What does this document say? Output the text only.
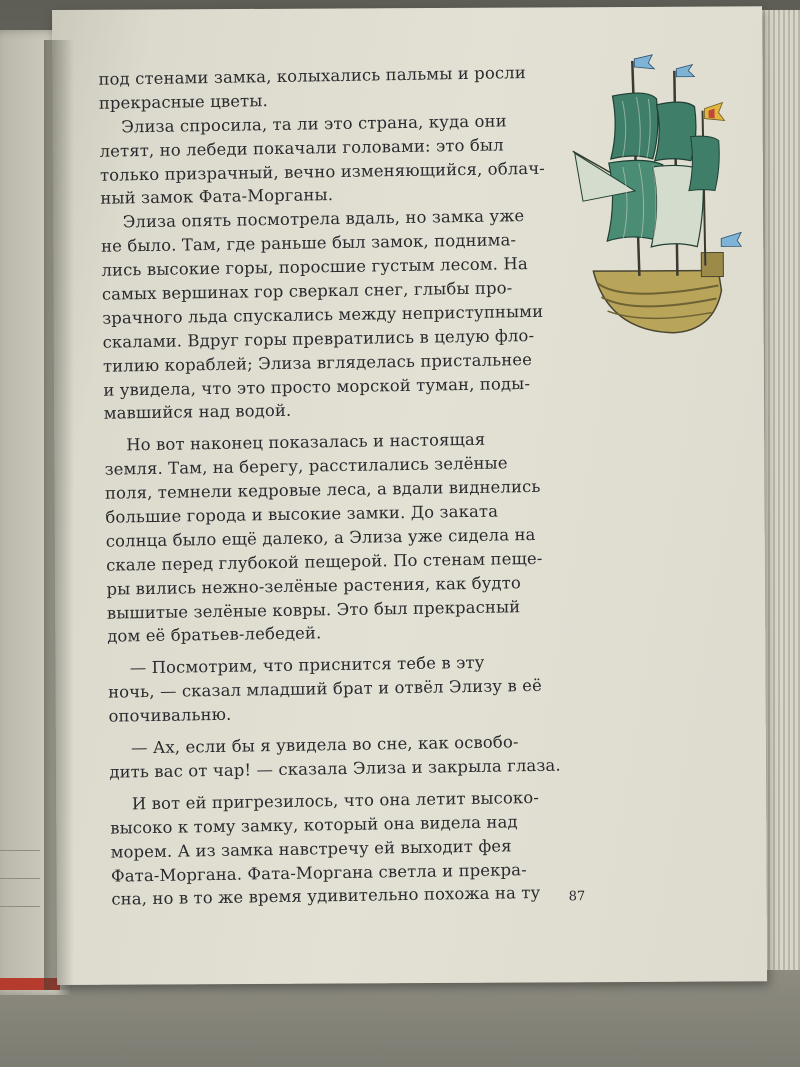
под стенами замка, колыхались пальмы и росли
прекрасные цветы.
Элиза спросила, та ли это страна, куда они
летят, но лебеди покачали головами: это был
только призрачный, вечно изменяющийся, облач-
ный замок Фата-Морганы.
Элиза опять посмотрела вдаль, но замка уже
не было. Там, где раньше был замок, поднима-
лись высокие горы, поросшие густым лесом. На
самых вершинах гор сверкал снег, глыбы про-
зрачного льда спускались между неприступными
скалами. Вдруг горы превратились в целую фло-
тилию кораблей; Элиза вгляделась пристальнее
и увидела, что это просто морской туман, поды-
мавшийся над водой.
Но вот наконец показалась и настоящая
земля. Там, на берегу, расстилались зелёные
поля, темнели кедровые леса, а вдали виднелись
большие города и высокие замки. До заката
солнца было ещё далеко, а Элиза уже сидела на
скале перед глубокой пещерой. По стенам пеще-
ры вились нежно-зелёные растения, как будто
вышитые зелёные ковры. Это был прекрасный
дом её братьев-лебедей.
— Посмотрим, что приснится тебе в эту
ночь, — сказал младший брат и отвёл Элизу в её
опочивальню.
— Ах, если бы я увидела во сне, как освобо-
дить вас от чар! — сказала Элиза и закрыла глаза.
И вот ей пригрезилось, что она летит высоко-
высоко к тому замку, который она видела над
морем. А из замка навстречу ей выходит фея
Фата-Моргана. Фата-Моргана светла и прекра-
сна, но в то же время удивительно похожа на ту	87
